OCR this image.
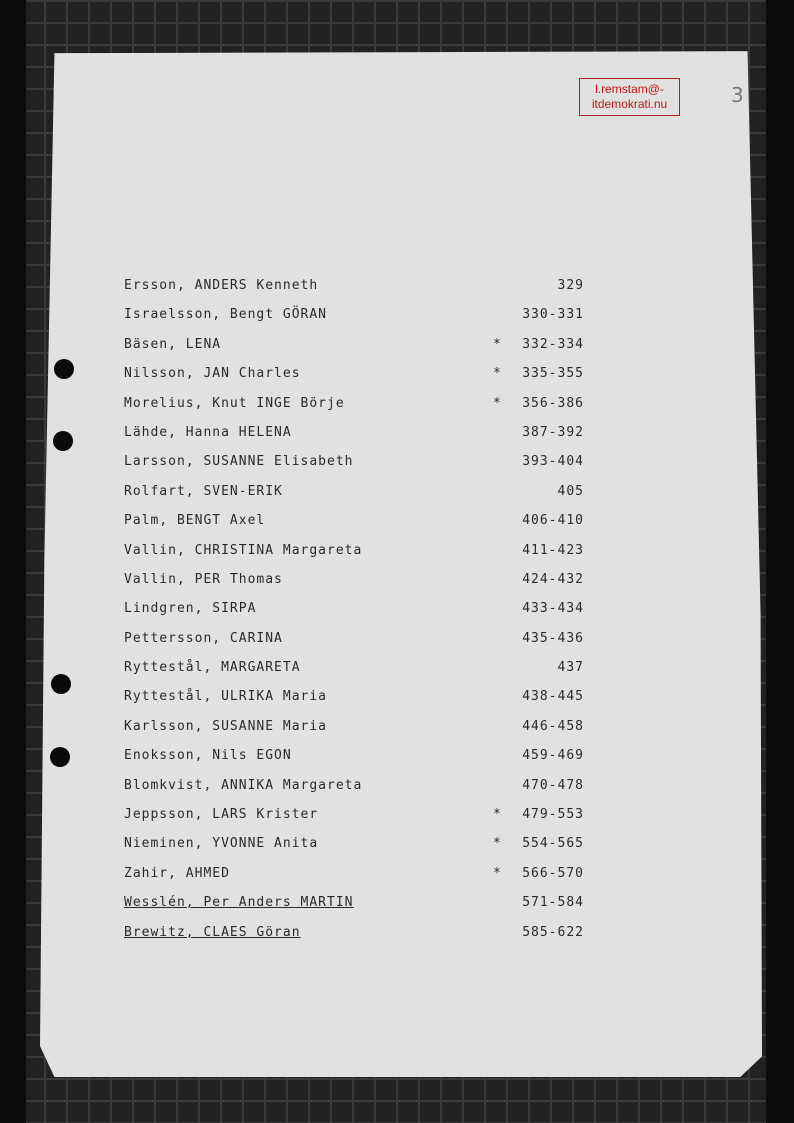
l.remstam@-
itdemokrati.nu	3
Ersson, ANDERS Kenneth	329
Israelsson, Bengt GÖRAN	330-331
Bäsen, LENA	* 332-334
Nilsson, JAN Charles	* 335-355
Morelius, Knut INGE Börje	* 356-386
Lähde, Hanna HELENA	387-392
Larsson, SUSANNE Elisabeth	393-404
Rolfart, SVEN-ERIK	405
Palm, BENGT Axel	406-410
Vallin, CHRISTINA Margareta	411-423
Vallin, PER Thomas	424-432
Lindgren, SIRPA	433-434
Pettersson, CARINA	435-436
Ryttestål, MARGARETA	437
Ryttestål, ULRIKA Maria	438-445
Karlsson, SUSANNE Maria	446-458
Enoksson, Nils EGON	459-469
Blomkvist, ANNIKA Margareta	470-478
Jeppsson, LARS Krister	* 479-553
Nieminen, YVONNE Anita	* 554-565
Zahir, AHMED	* 566-570
Wesslén, Per Anders MARTIN	571-584
Brewitz, CLAES Göran	585-622
